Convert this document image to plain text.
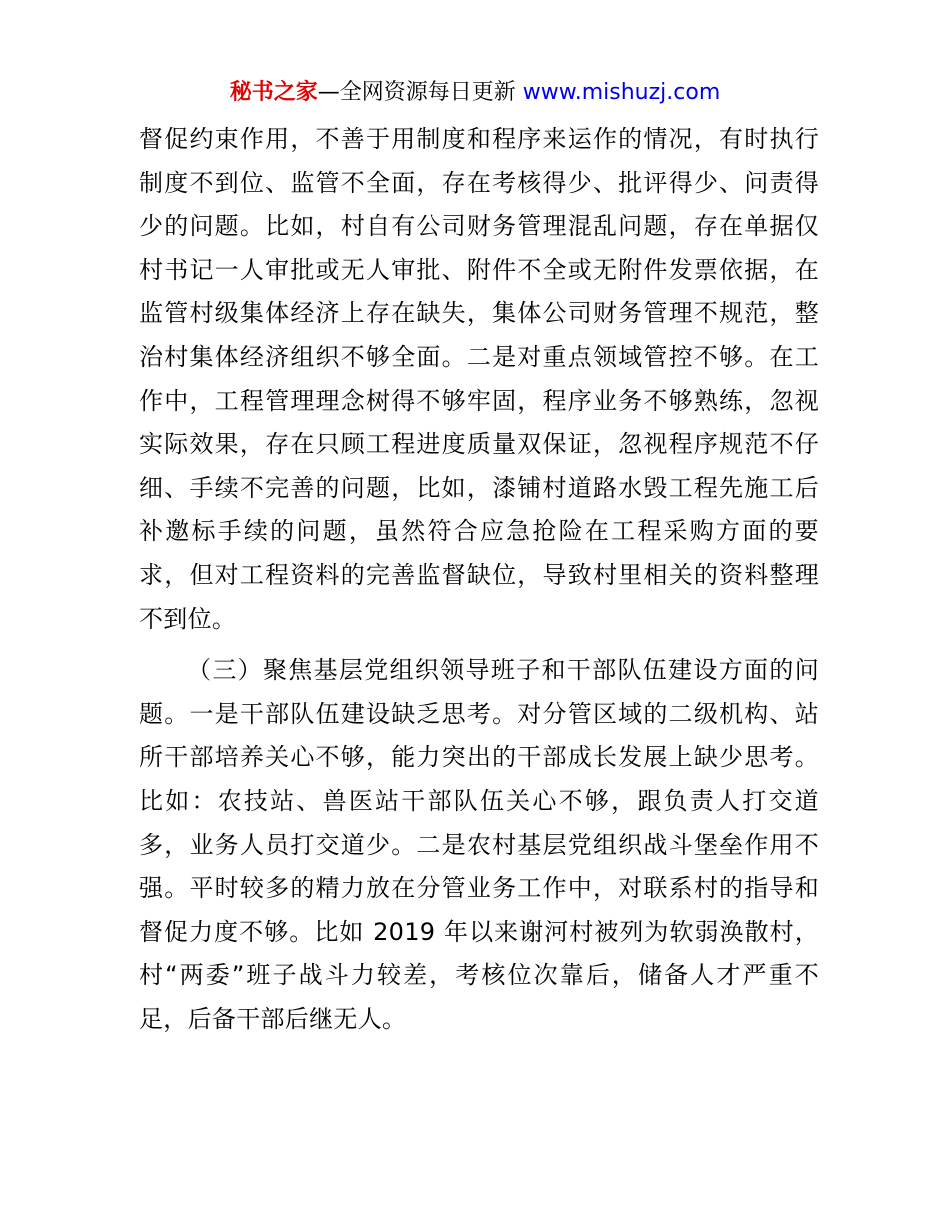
秘书之家—全网资源每日更新 www.mishuzj.com

督促约束作用，不善于用制度和程序来运作的情况，有时执行制度不到位、监管不全面，存在考核得少、批评得少、问责得少的问题。比如，村自有公司财务管理混乱问题，存在单据仅村书记一人审批或无人审批、附件不全或无附件发票依据，在监管村级集体经济上存在缺失，集体公司财务管理不规范，整治村集体经济组织不够全面。二是对重点领域管控不够。在工作中，工程管理理念树得不够牢固，程序业务不够熟练，忽视实际效果，存在只顾工程进度质量双保证，忽视程序规范不仔细、手续不完善的问题，比如，漆铺村道路水毁工程先施工后补邀标手续的问题，虽然符合应急抢险在工程采购方面的要求，但对工程资料的完善监督缺位，导致村里相关的资料整理不到位。

（三）聚焦基层党组织领导班子和干部队伍建设方面的问题。一是干部队伍建设缺乏思考。对分管区域的二级机构、站所干部培养关心不够，能力突出的干部成长发展上缺少思考。比如：农技站、兽医站干部队伍关心不够，跟负责人打交道多，业务人员打交道少。二是农村基层党组织战斗堡垒作用不强。平时较多的精力放在分管业务工作中，对联系村的指导和督促力度不够。比如 2019 年以来谢河村被列为软弱涣散村，村“两委”班子战斗力较差，考核位次靠后，储备人才严重不足，后备干部后继无人。
